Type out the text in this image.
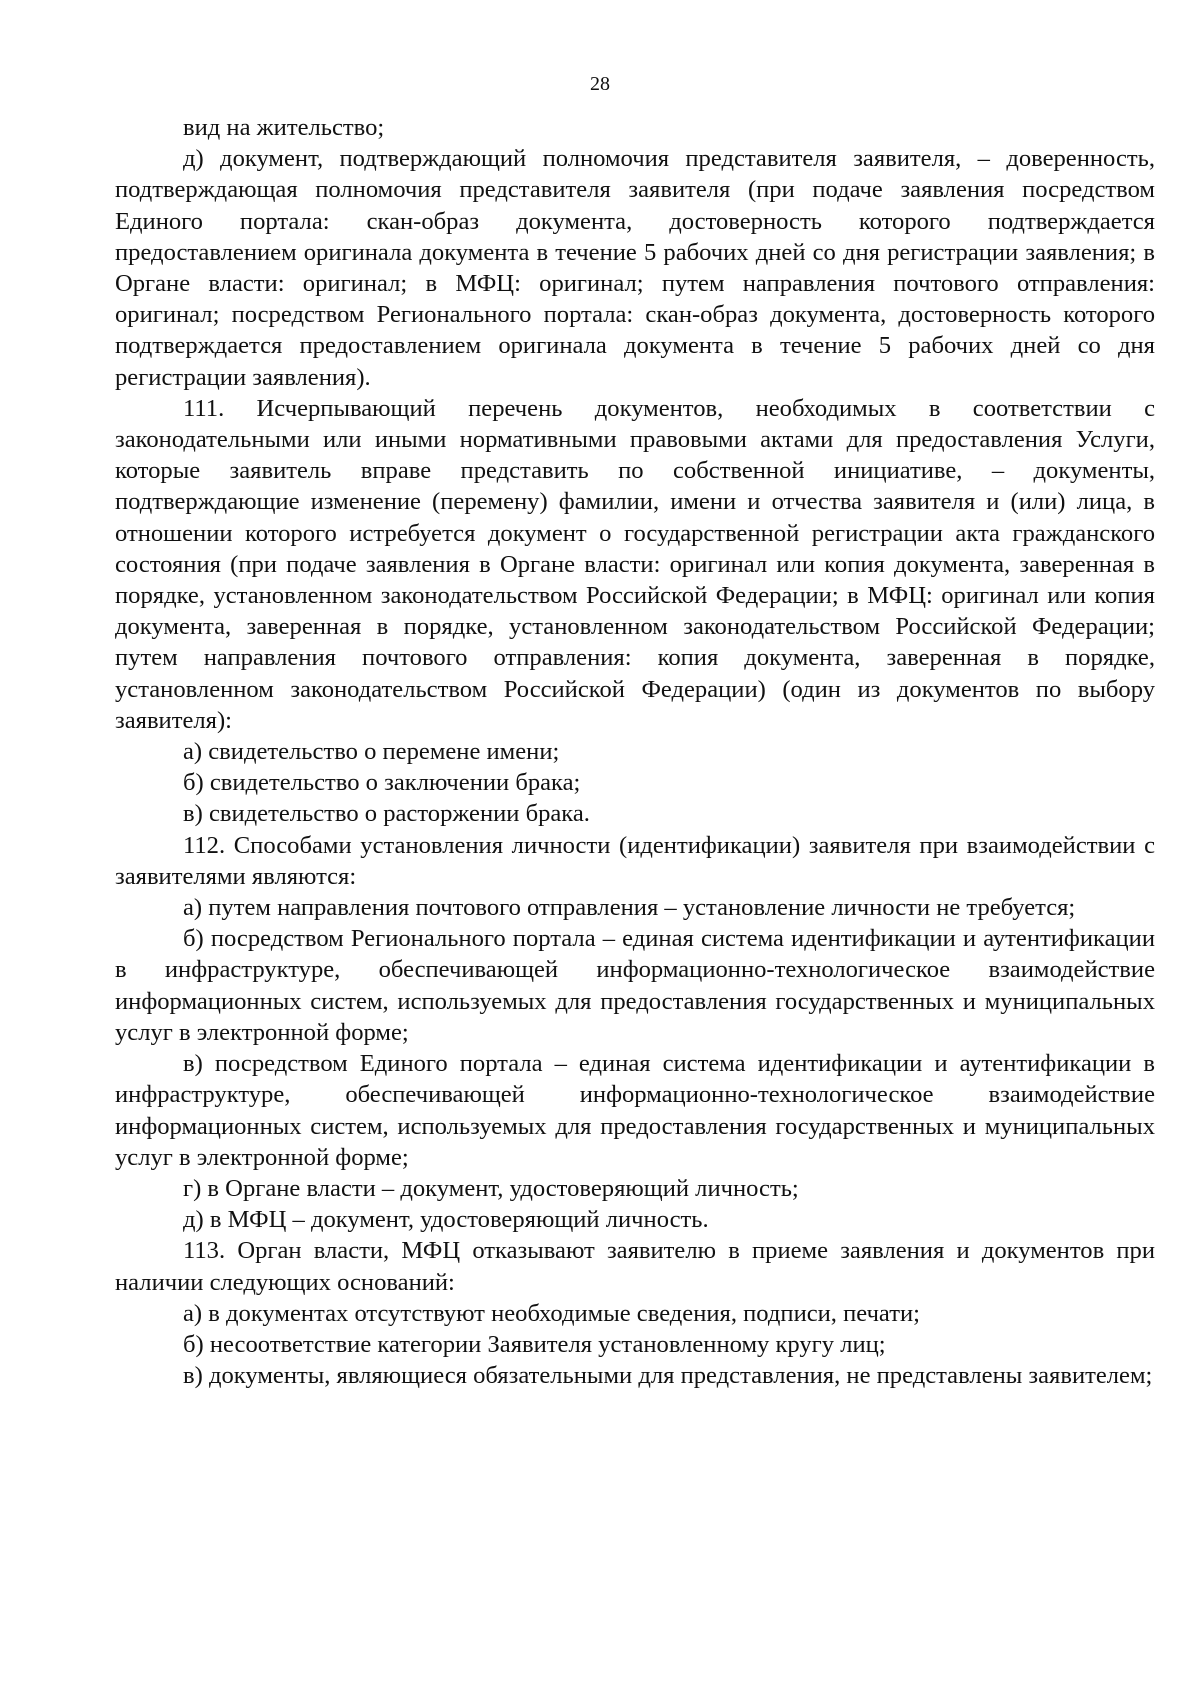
28

вид на жительство;

д) документ, подтверждающий полномочия представителя заявителя, – доверенность, подтверждающая полномочия представителя заявителя (при подаче заявления посредством Единого портала: скан-образ документа, достоверность которого подтверждается предоставлением оригинала документа в течение 5 рабочих дней со дня регистрации заявления; в Органе власти: оригинал; в МФЦ: оригинал; путем направления почтового отправления: оригинал; посредством Регионального портала: скан-образ документа, достоверность которого подтверждается предоставлением оригинала документа в течение 5 рабочих дней со дня регистрации заявления).

111. Исчерпывающий перечень документов, необходимых в соответствии с законодательными или иными нормативными правовыми актами для предоставления Услуги, которые заявитель вправе представить по собственной инициативе, – документы, подтверждающие изменение (перемену) фамилии, имени и отчества заявителя и (или) лица, в отношении которого истребуется документ о государственной регистрации акта гражданского состояния (при подаче заявления в Органе власти: оригинал или копия документа, заверенная в порядке, установленном законодательством Российской Федерации; в МФЦ: оригинал или копия документа, заверенная в порядке, установленном законодательством Российской Федерации; путем направления почтового отправления: копия документа, заверенная в порядке, установленном законодательством Российской Федерации) (один из документов по выбору заявителя):

а) свидетельство о перемене имени;

б) свидетельство о заключении брака;

в) свидетельство о расторжении брака.

112. Способами установления личности (идентификации) заявителя при взаимодействии с заявителями являются:

а) путем направления почтового отправления – установление личности не требуется;

б) посредством Регионального портала – единая система идентификации и аутентификации в инфраструктуре, обеспечивающей информационно-технологическое взаимодействие информационных систем, используемых для предоставления государственных и муниципальных услуг в электронной форме;

в) посредством Единого портала – единая система идентификации и аутентификации в инфраструктуре, обеспечивающей информационно-технологическое взаимодействие информационных систем, используемых для предоставления государственных и муниципальных услуг в электронной форме;

г) в Органе власти – документ, удостоверяющий личность;

д) в МФЦ – документ, удостоверяющий личность.

113. Орган власти, МФЦ отказывают заявителю в приеме заявления и документов при наличии следующих оснований:

а) в документах отсутствуют необходимые сведения, подписи, печати;

б) несоответствие категории Заявителя установленному кругу лиц;

в) документы, являющиеся обязательными для представления, не представлены заявителем;
